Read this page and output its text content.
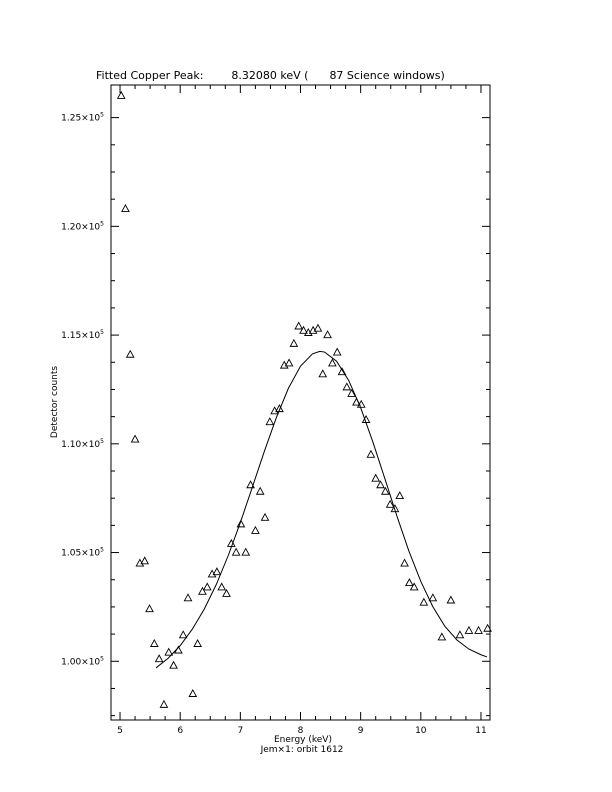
Fitted Copper Peak:        8.32080 keV (      87 Science windows)
5	6	7	8	9	10	11
$1.00\times 10^5$
$1.05\times 10^5$
$1.10\times 10^5$
$1.15\times 10^5$
$1.20\times 10^5$
$1.25\times 10^5$
Energy (keV)
Jem×1: orbit 1612
Detector counts
